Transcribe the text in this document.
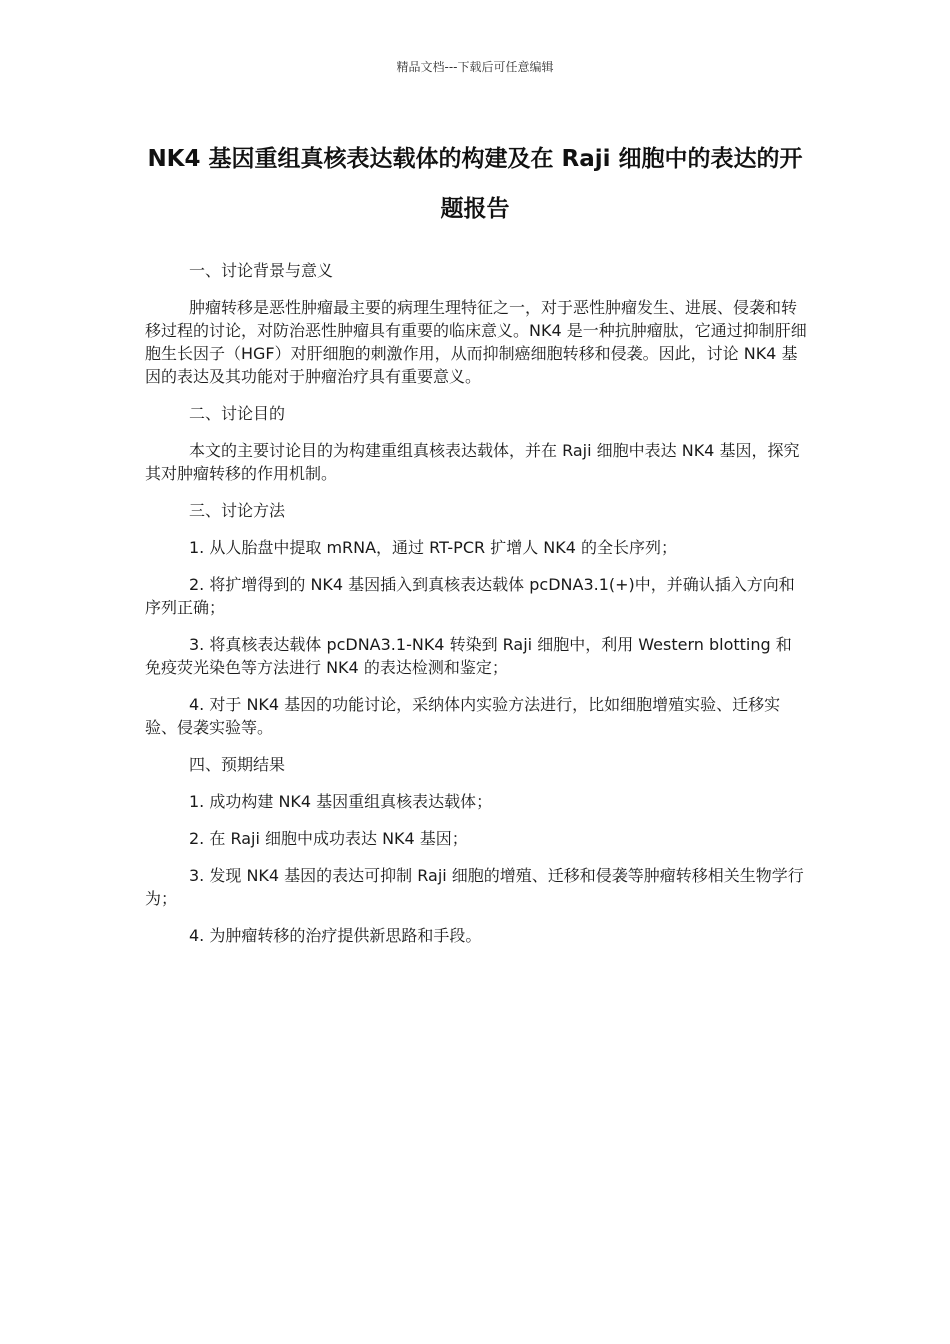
精品文档---下载后可任意编辑
NK4 基因重组真核表达载体的构建及在 Raji 细胞中的表达的开题报告

一、讨论背景与意义

肿瘤转移是恶性肿瘤最主要的病理生理特征之一，对于恶性肿瘤发生、进展、侵袭和转移过程的讨论，对防治恶性肿瘤具有重要的临床意义。NK4 是一种抗肿瘤肽，它通过抑制肝细胞生长因子（HGF）对肝细胞的刺激作用，从而抑制癌细胞转移和侵袭。因此，讨论 NK4 基因的表达及其功能对于肿瘤治疗具有重要意义。

二、讨论目的

本文的主要讨论目的为构建重组真核表达载体，并在 Raji 细胞中表达 NK4 基因，探究其对肿瘤转移的作用机制。

三、讨论方法

1. 从人胎盘中提取 mRNA，通过 RT-PCR 扩增人 NK4 的全长序列；

2. 将扩增得到的 NK4 基因插入到真核表达载体 pcDNA3.1(+)中，并确认插入方向和序列正确；

3. 将真核表达载体 pcDNA3.1-NK4 转染到 Raji 细胞中，利用 Western blotting 和免疫荧光染色等方法进行 NK4 的表达检测和鉴定；

4. 对于 NK4 基因的功能讨论，采纳体内实验方法进行，比如细胞增殖实验、迁移实验、侵袭实验等。

四、预期结果

1. 成功构建 NK4 基因重组真核表达载体；

2. 在 Raji 细胞中成功表达 NK4 基因；

3. 发现 NK4 基因的表达可抑制 Raji 细胞的增殖、迁移和侵袭等肿瘤转移相关生物学行为；

4. 为肿瘤转移的治疗提供新思路和手段。
